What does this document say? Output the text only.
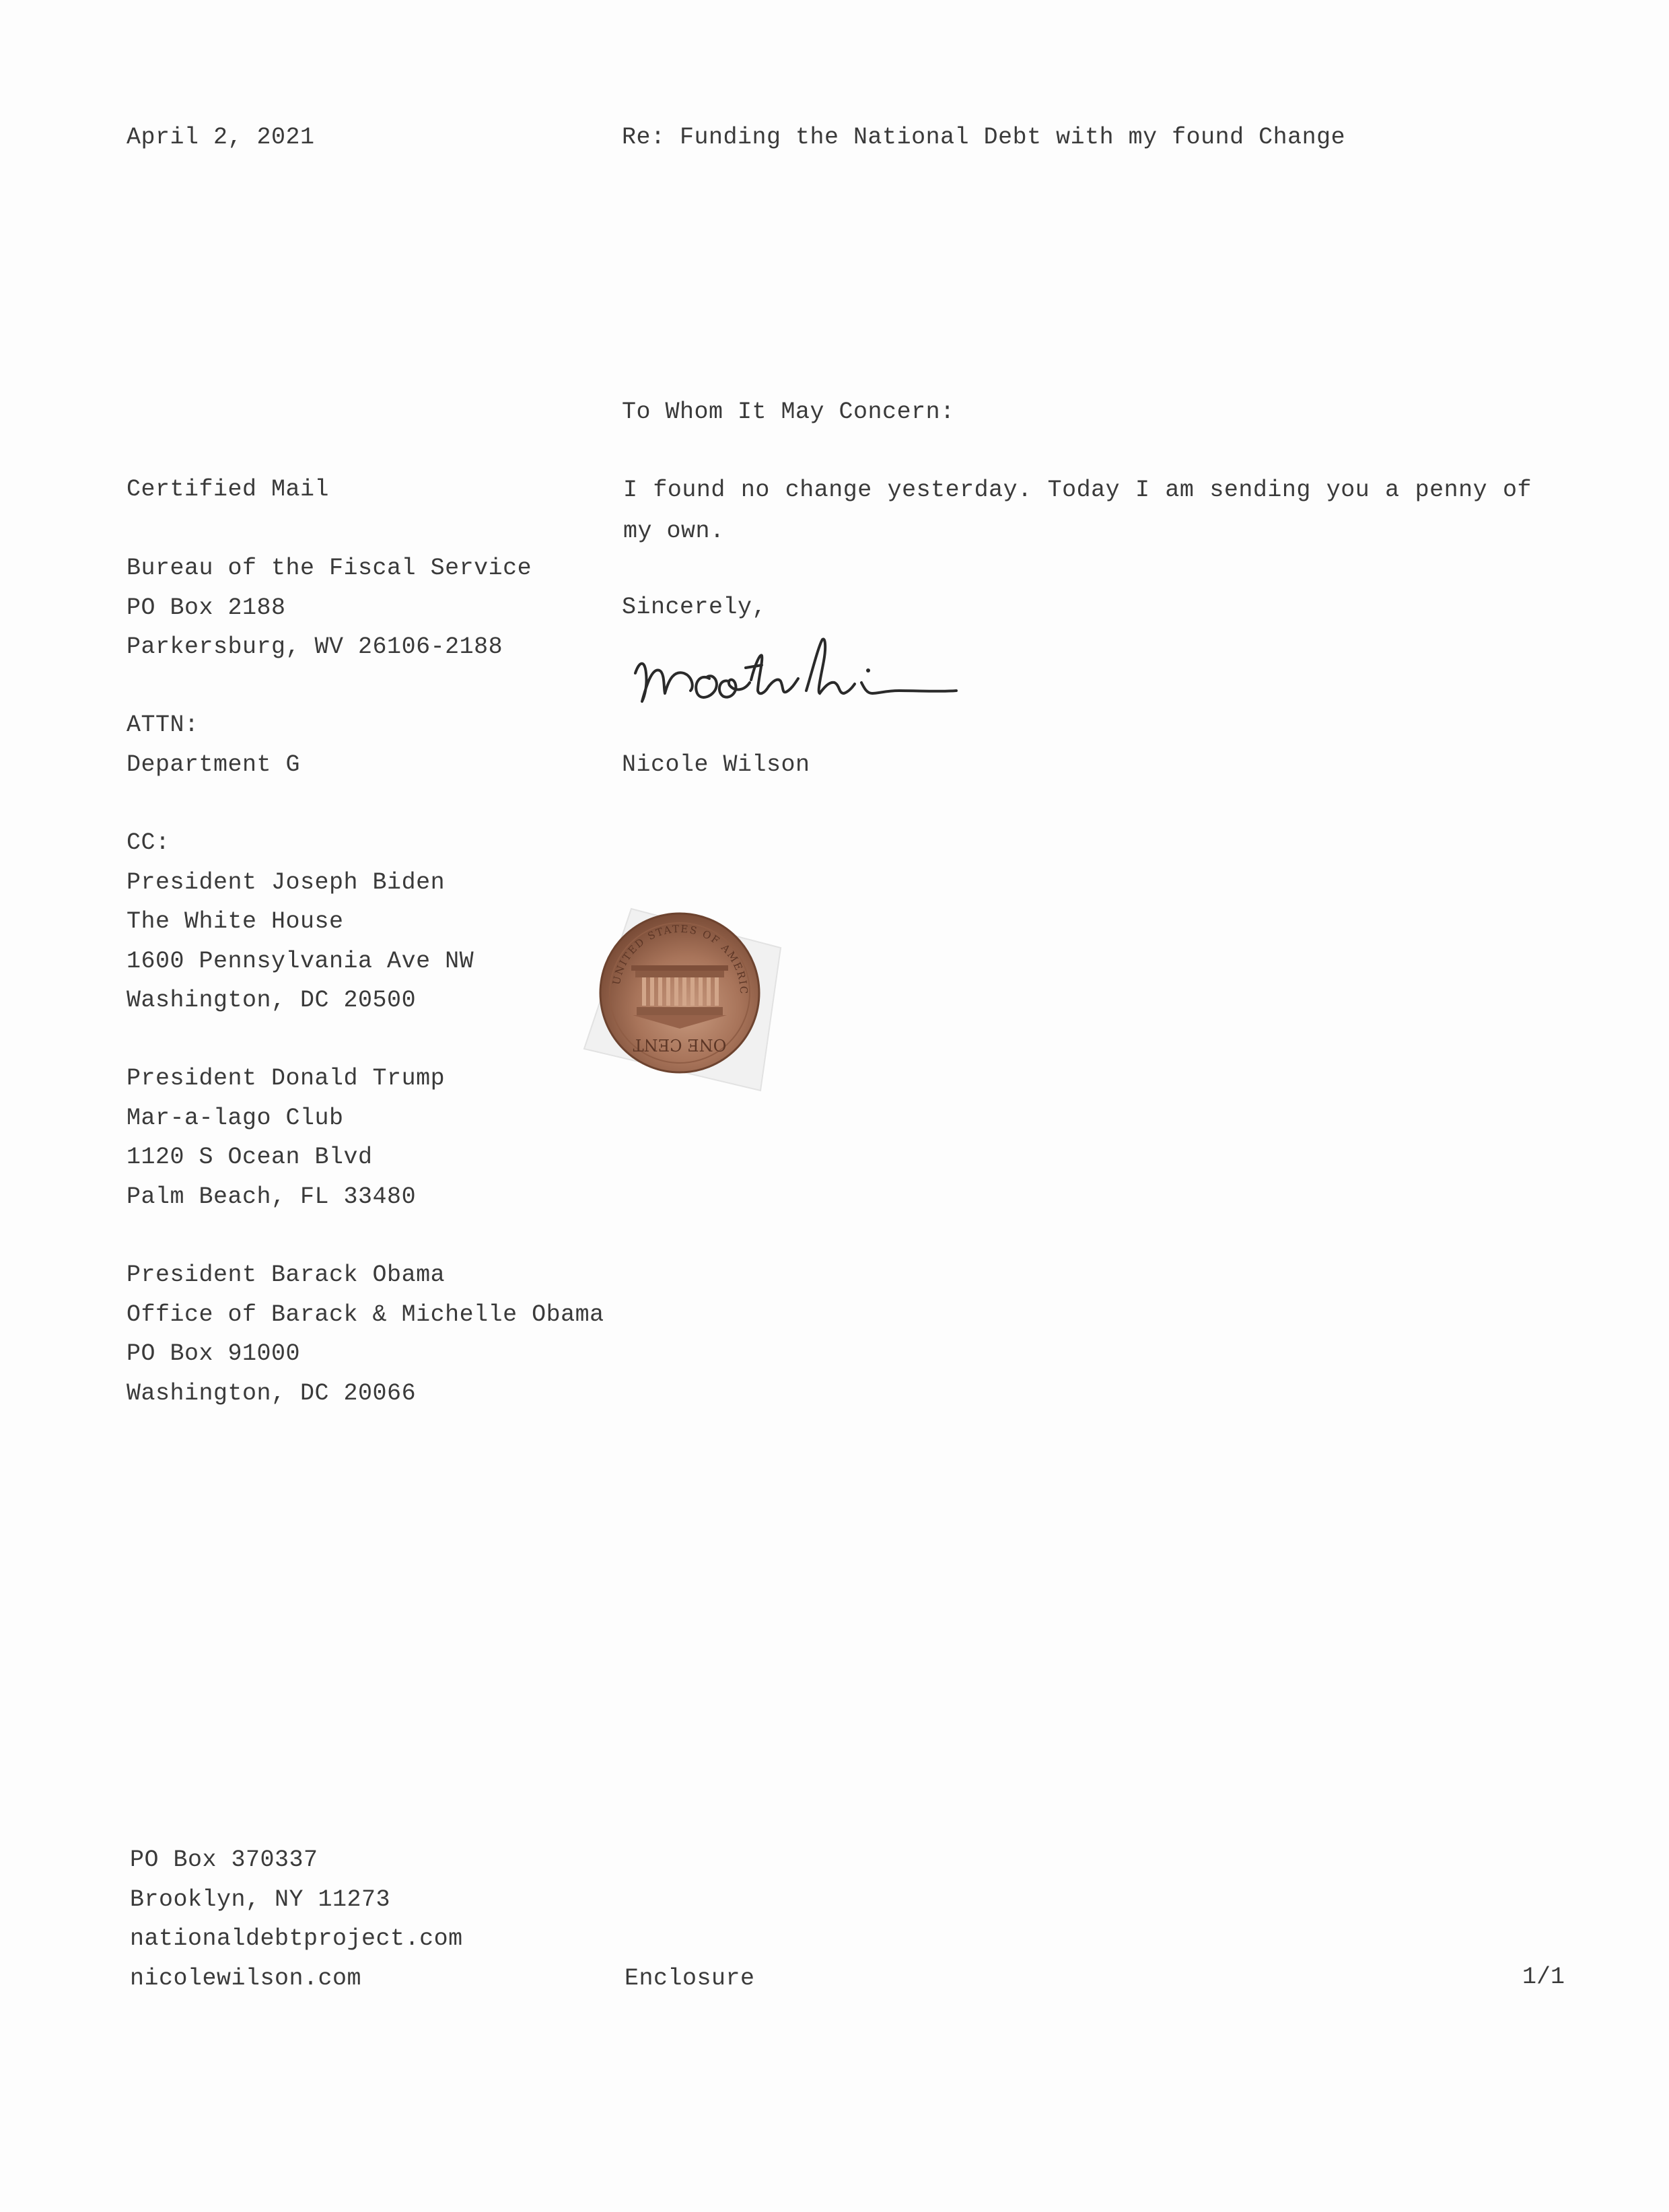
April 2, 2021	Re: Funding the National Debt with my found Change
To Whom It May Concern:
Certified Mail
Bureau of the Fiscal Service
PO Box 2188
Parkersburg, WV 26106-2188
ATTN:
Department G
CC:
President Joseph Biden
The White House
1600 Pennsylvania Ave NW
Washington, DC 20500
President Donald Trump
Mar-a-lago Club
1120 S Ocean Blvd
Palm Beach, FL 33480
President Barack Obama
Office of Barack & Michelle Obama
PO Box 91000
Washington, DC 20066
I found no change yesterday. Today I am sending you a penny of my own.
Sincerely,
Nicole Wilson
ONE CENT
UNITED STATES OF AMERICA
PO Box 370337
Brooklyn, NY 11273
nationaldebtproject.com
nicolewilson.com	Enclosure	1/1
